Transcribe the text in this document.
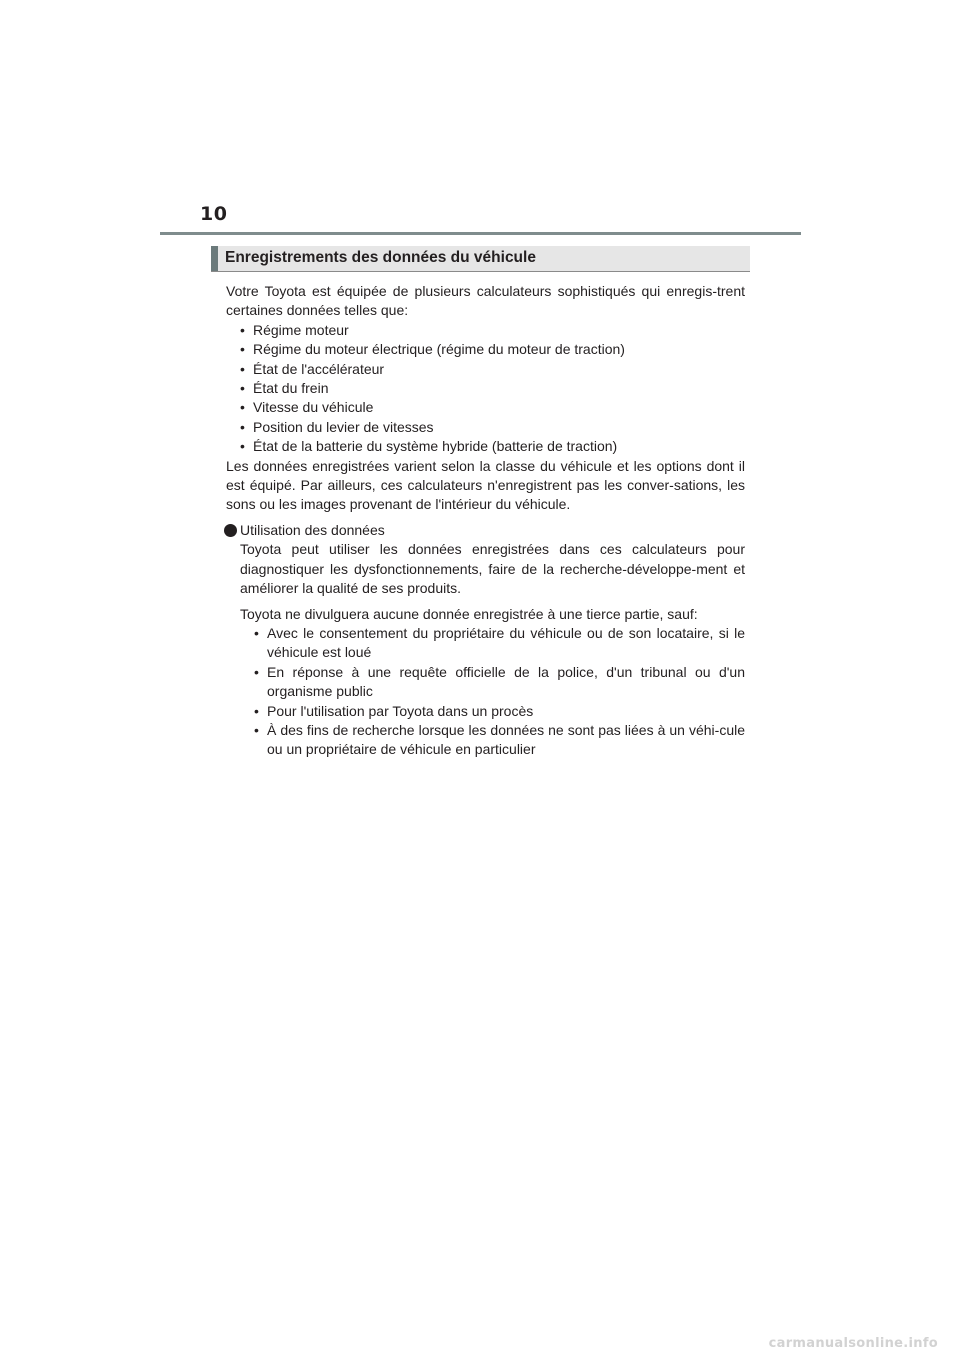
10
Enregistrements des données du véhicule

Votre Toyota est équipée de plusieurs calculateurs sophistiqués qui enregis-trent certaines données telles que:

• Régime moteur
• Régime du moteur électrique (régime du moteur de traction)
• État de l'accélérateur
• État du frein
• Vitesse du véhicule
• Position du levier de vitesses
• État de la batterie du système hybride (batterie de traction)

Les données enregistrées varient selon la classe du véhicule et les options dont il est équipé. Par ailleurs, ces calculateurs n'enregistrent pas les conver-sations, les sons ou les images provenant de l'intérieur du véhicule.

Utilisation des données

Toyota peut utiliser les données enregistrées dans ces calculateurs pour diagnostiquer les dysfonctionnements, faire de la recherche-développe-ment et améliorer la qualité de ses produits.

Toyota ne divulguera aucune donnée enregistrée à une tierce partie, sauf:

• Avec le consentement du propriétaire du véhicule ou de son locataire, si le véhicule est loué
• En réponse à une requête officielle de la police, d'un tribunal ou d'un organisme public
• Pour l'utilisation par Toyota dans un procès
• À des fins de recherche lorsque les données ne sont pas liées à un véhi-cule ou un propriétaire de véhicule en particulier
carmanualsonline.info
